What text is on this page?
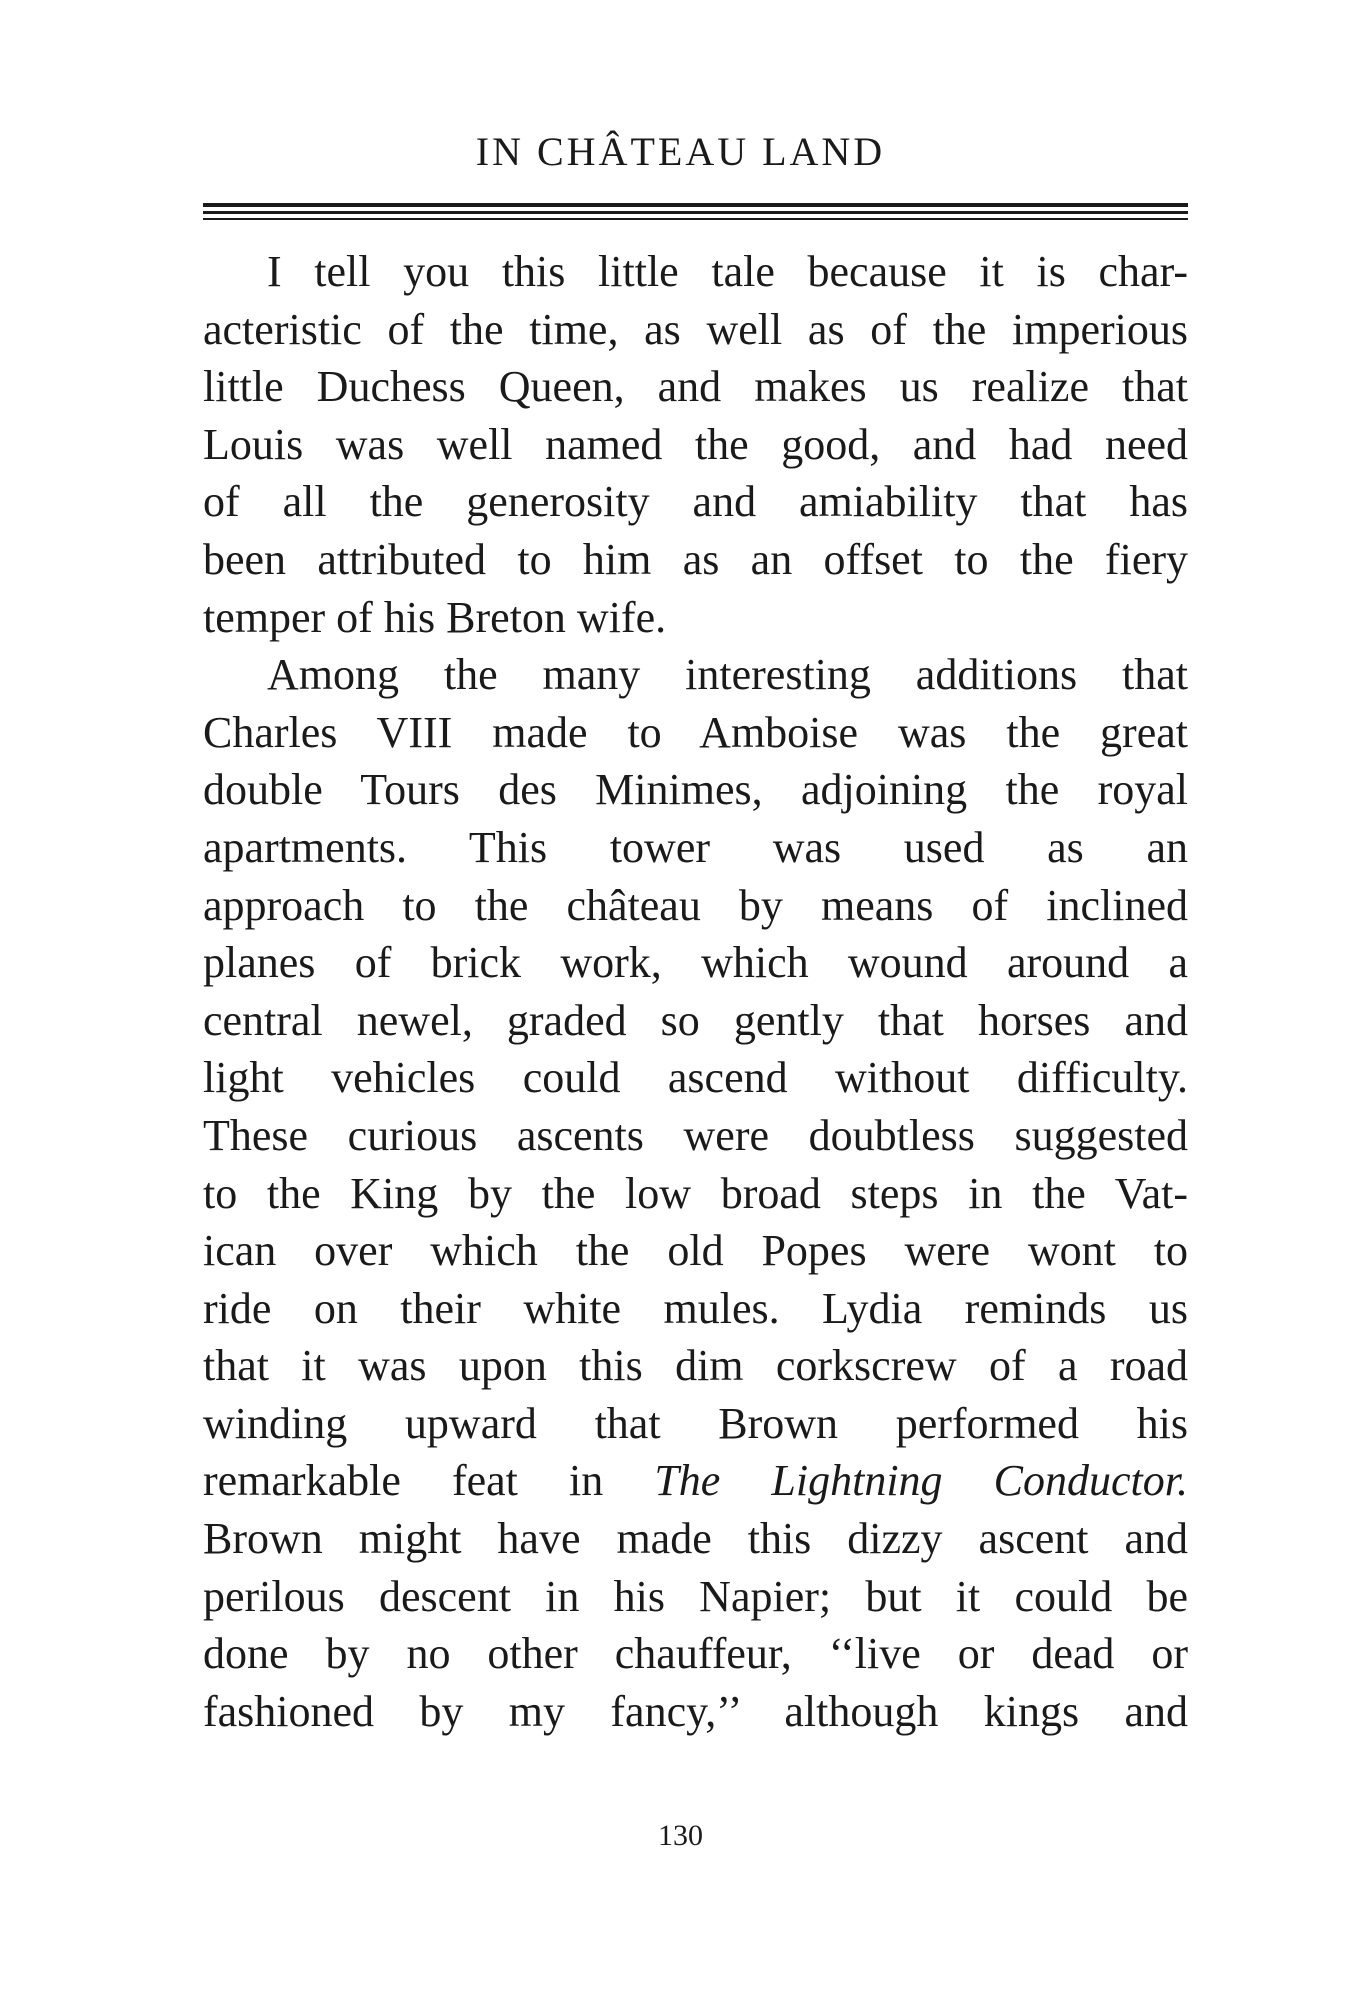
IN CHÂTEAU LAND
I tell you this little tale because it is char-
acteristic of the time, as well as of the imperious
little Duchess Queen, and makes us realize that
Louis was well named the good, and had need
of all the generosity and amiability that has
been attributed to him as an offset to the fiery
temper of his Breton wife.
Among the many interesting additions that
Charles VIII made to Amboise was the great
double Tours des Minimes, adjoining the royal
apartments. This tower was used as an
approach to the château by means of inclined
planes of brick work, which wound around a
central newel, graded so gently that horses and
light vehicles could ascend without difficulty.
These curious ascents were doubtless suggested
to the King by the low broad steps in the Vat-
ican over which the old Popes were wont to
ride on their white mules. Lydia reminds us
that it was upon this dim corkscrew of a road
winding upward that Brown performed his
remarkable feat in The Lightning Conductor.
Brown might have made this dizzy ascent and
perilous descent in his Napier; but it could be
done by no other chauffeur, ‘‘live or dead or
fashioned by my fancy,’’ although kings and
130
